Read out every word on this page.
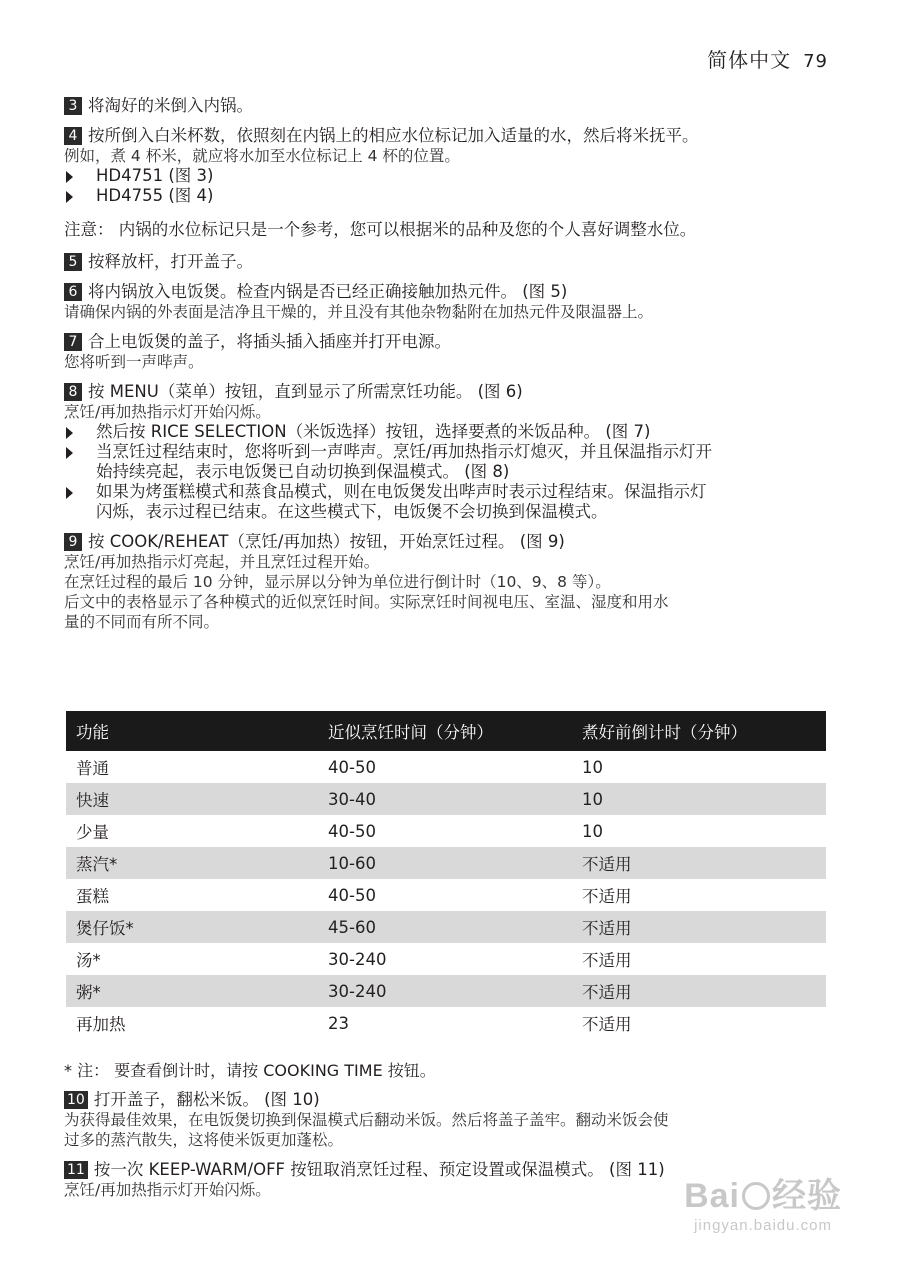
简体中文 79
3 将淘好的米倒入内锅。
4 按所倒入白米杯数，依照刻在内锅上的相应水位标记加入适量的水，然后将米抚平。
例如，煮 4 杯米，就应将水加至水位标记上 4 杯的位置。
HD4751 (图 3)
HD4755 (图 4)
注意： 内锅的水位标记只是一个参考，您可以根据米的品种及您的个人喜好调整水位。
5 按释放杆，打开盖子。
6 将内锅放入电饭煲。检查内锅是否已经正确接触加热元件。 (图 5)
请确保内锅的外表面是洁净且干燥的，并且没有其他杂物黏附在加热元件及限温器上。
7 合上电饭煲的盖子，将插头插入插座并打开电源。
您将听到一声哔声。
8 按 MENU（菜单）按钮，直到显示了所需烹饪功能。 (图 6)
烹饪/再加热指示灯开始闪烁。
然后按 RICE SELECTION（米饭选择）按钮，选择要煮的米饭品种。 (图 7)
当烹饪过程结束时，您将听到一声哔声。烹饪/再加热指示灯熄灭，并且保温指示灯开
始持续亮起，表示电饭煲已自动切换到保温模式。 (图 8)
如果为烤蛋糕模式和蒸食品模式，则在电饭煲发出哔声时表示过程结束。保温指示灯
闪烁，表示过程已结束。在这些模式下，电饭煲不会切换到保温模式。
9 按 COOK/REHEAT（烹饪/再加热）按钮，开始烹饪过程。 (图 9)
烹饪/再加热指示灯亮起，并且烹饪过程开始。
在烹饪过程的最后 10 分钟，显示屏以分钟为单位进行倒计时（10、9、8 等）。
后文中的表格显示了各种模式的近似烹饪时间。实际烹饪时间视电压、室温、湿度和用水
量的不同而有所不同。
功能	近似烹饪时间（分钟）	煮好前倒计时（分钟）
普通	40-50	10
快速	30-40	10
少量	40-50	10
蒸汽*	10-60	不适用
蛋糕	40-50	不适用
煲仔饭*	45-60	不适用
汤*	30-240	不适用
粥*	30-240	不适用
再加热	23	不适用
* 注： 要查看倒计时，请按 COOKING TIME 按钮。
10 打开盖子，翻松米饭。 (图 10)
为获得最佳效果，在电饭煲切换到保温模式后翻动米饭。然后将盖子盖牢。翻动米饭会使
过多的蒸汽散失，这将使米饭更加蓬松。
11 按一次 KEEP-WARM/OFF 按钮取消烹饪过程、预定设置或保温模式。 (图 11)
烹饪/再加热指示灯开始闪烁。	Bai 经验
jingyan.baidu.com
